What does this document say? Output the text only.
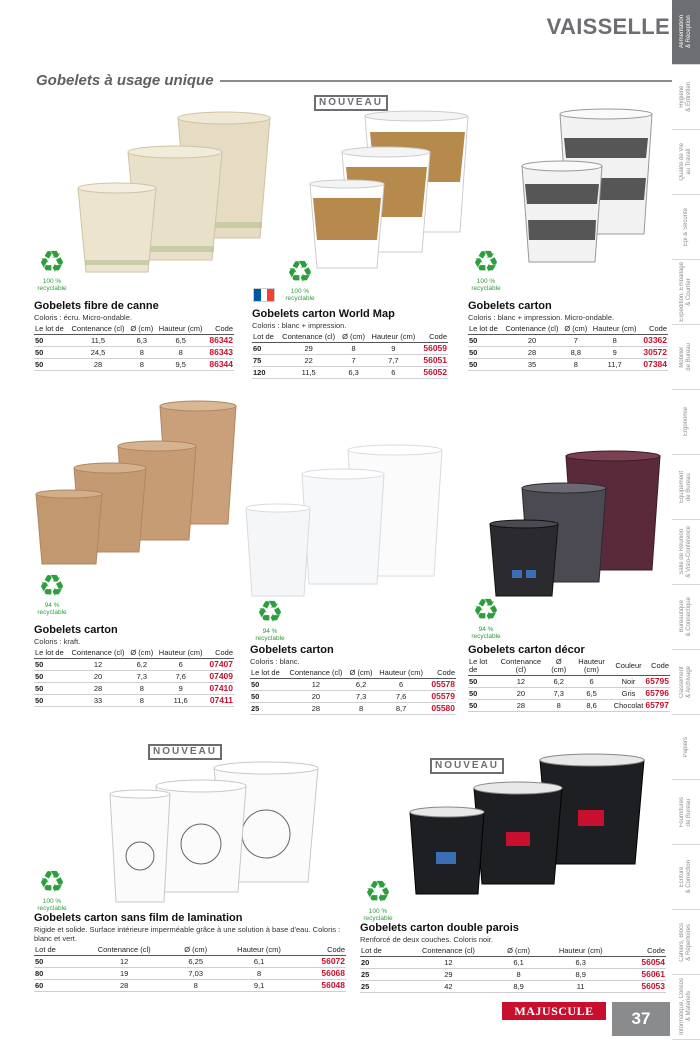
VAISSELLE
Gobelets à usage unique
Alimentation
& Réception
Hygiène
& Entretien
Qualité de Vie
au Travail
Epi & Sécurité
Expédition, Emballage
& Courrier
Mobilier
de Bureau
Ergonomie
Equipement
de Bureau
Salle de Réunion
& Visio-Conférence
Bureautique
& Connectique
Classement
& Archivage
Papiers
Fournitures
de Bureau
Ecriture
& Correction
Cahiers, Blocs
& Répertoires
Informatique, Consos
& Matériels
NOUVEAU
NOUVEAU
NOUVEAU
♻
100 %
recyclable	♻
100 %
recyclable
♻
100 %
recyclable
♻
94 %
recyclable	♻
94 %
recyclable
♻
94 %
recyclable
♻
100 %
recyclable	♻
100 %
recyclable
Gobelets fibre de canne
Coloris : écru. Micro-ondable.
Le lot de	Contenance (cl)	Ø (cm)	Hauteur (cm)	Code
50	11,5	6,3	6,5	86342
50	24,5	8	8	86343
50	28	8	9,5	86344
Gobelets carton World Map
Coloris : blanc + impression.
Lot de	Contenance (cl)	Ø (cm)	Hauteur (cm)	Code
60	29	8	9	56059
75	22	7	7,7	56051
120	11,5	6,3	6	56052
Gobelets carton
Coloris : blanc + impression. Micro-ondable.
Le lot de	Contenance (cl)	Ø (cm)	Hauteur (cm)	Code
50	20	7	8	03362
50	28	8,8	9	30572
50	35	8	11,7	07384
Gobelets carton
Coloris : kraft.
Le lot de	Contenance (cl)	Ø (cm)	Hauteur (cm)	Code
50	12	6,2	6	07407
50	20	7,3	7,6	07409
50	28	8	9	07410
50	33	8	11,6	07411
Gobelets carton
Coloris : blanc.
Le lot de	Contenance (cl)	Ø (cm)	Hauteur (cm)	Code
50	12	6,2	6	05578
50	20	7,3	7,6	05579
25	28	8	8,7	05580
Gobelets carton décor
Le lot de	Contenance (cl)	Ø (cm)	Hauteur (cm)	Couleur	Code
50	12	6,2	6	Noir	65795
50	20	7,3	6,5	Gris	65796
50	28	8	8,6	Chocolat	65797
Gobelets carton sans film de lamination
Rigide et solide. Surface intérieure imperméable grâce à une solution à base d'eau. Coloris : blanc et vert.
Lot de	Contenance (cl)	Ø (cm)	Hauteur (cm)	Code
50	12	6,25	6,1	56072
80	19	7,03	8	56068
60	28	8	9,1	56048
Gobelets carton double parois
Renforcé de deux couches. Coloris noir.
Lot de	Contenance (cl)	Ø (cm)	Hauteur (cm)	Code
20	12	6,1	6,3	56054
25	29	8	8,9	56061
25	42	8,9	11	56053
MAJUSCULE	37
